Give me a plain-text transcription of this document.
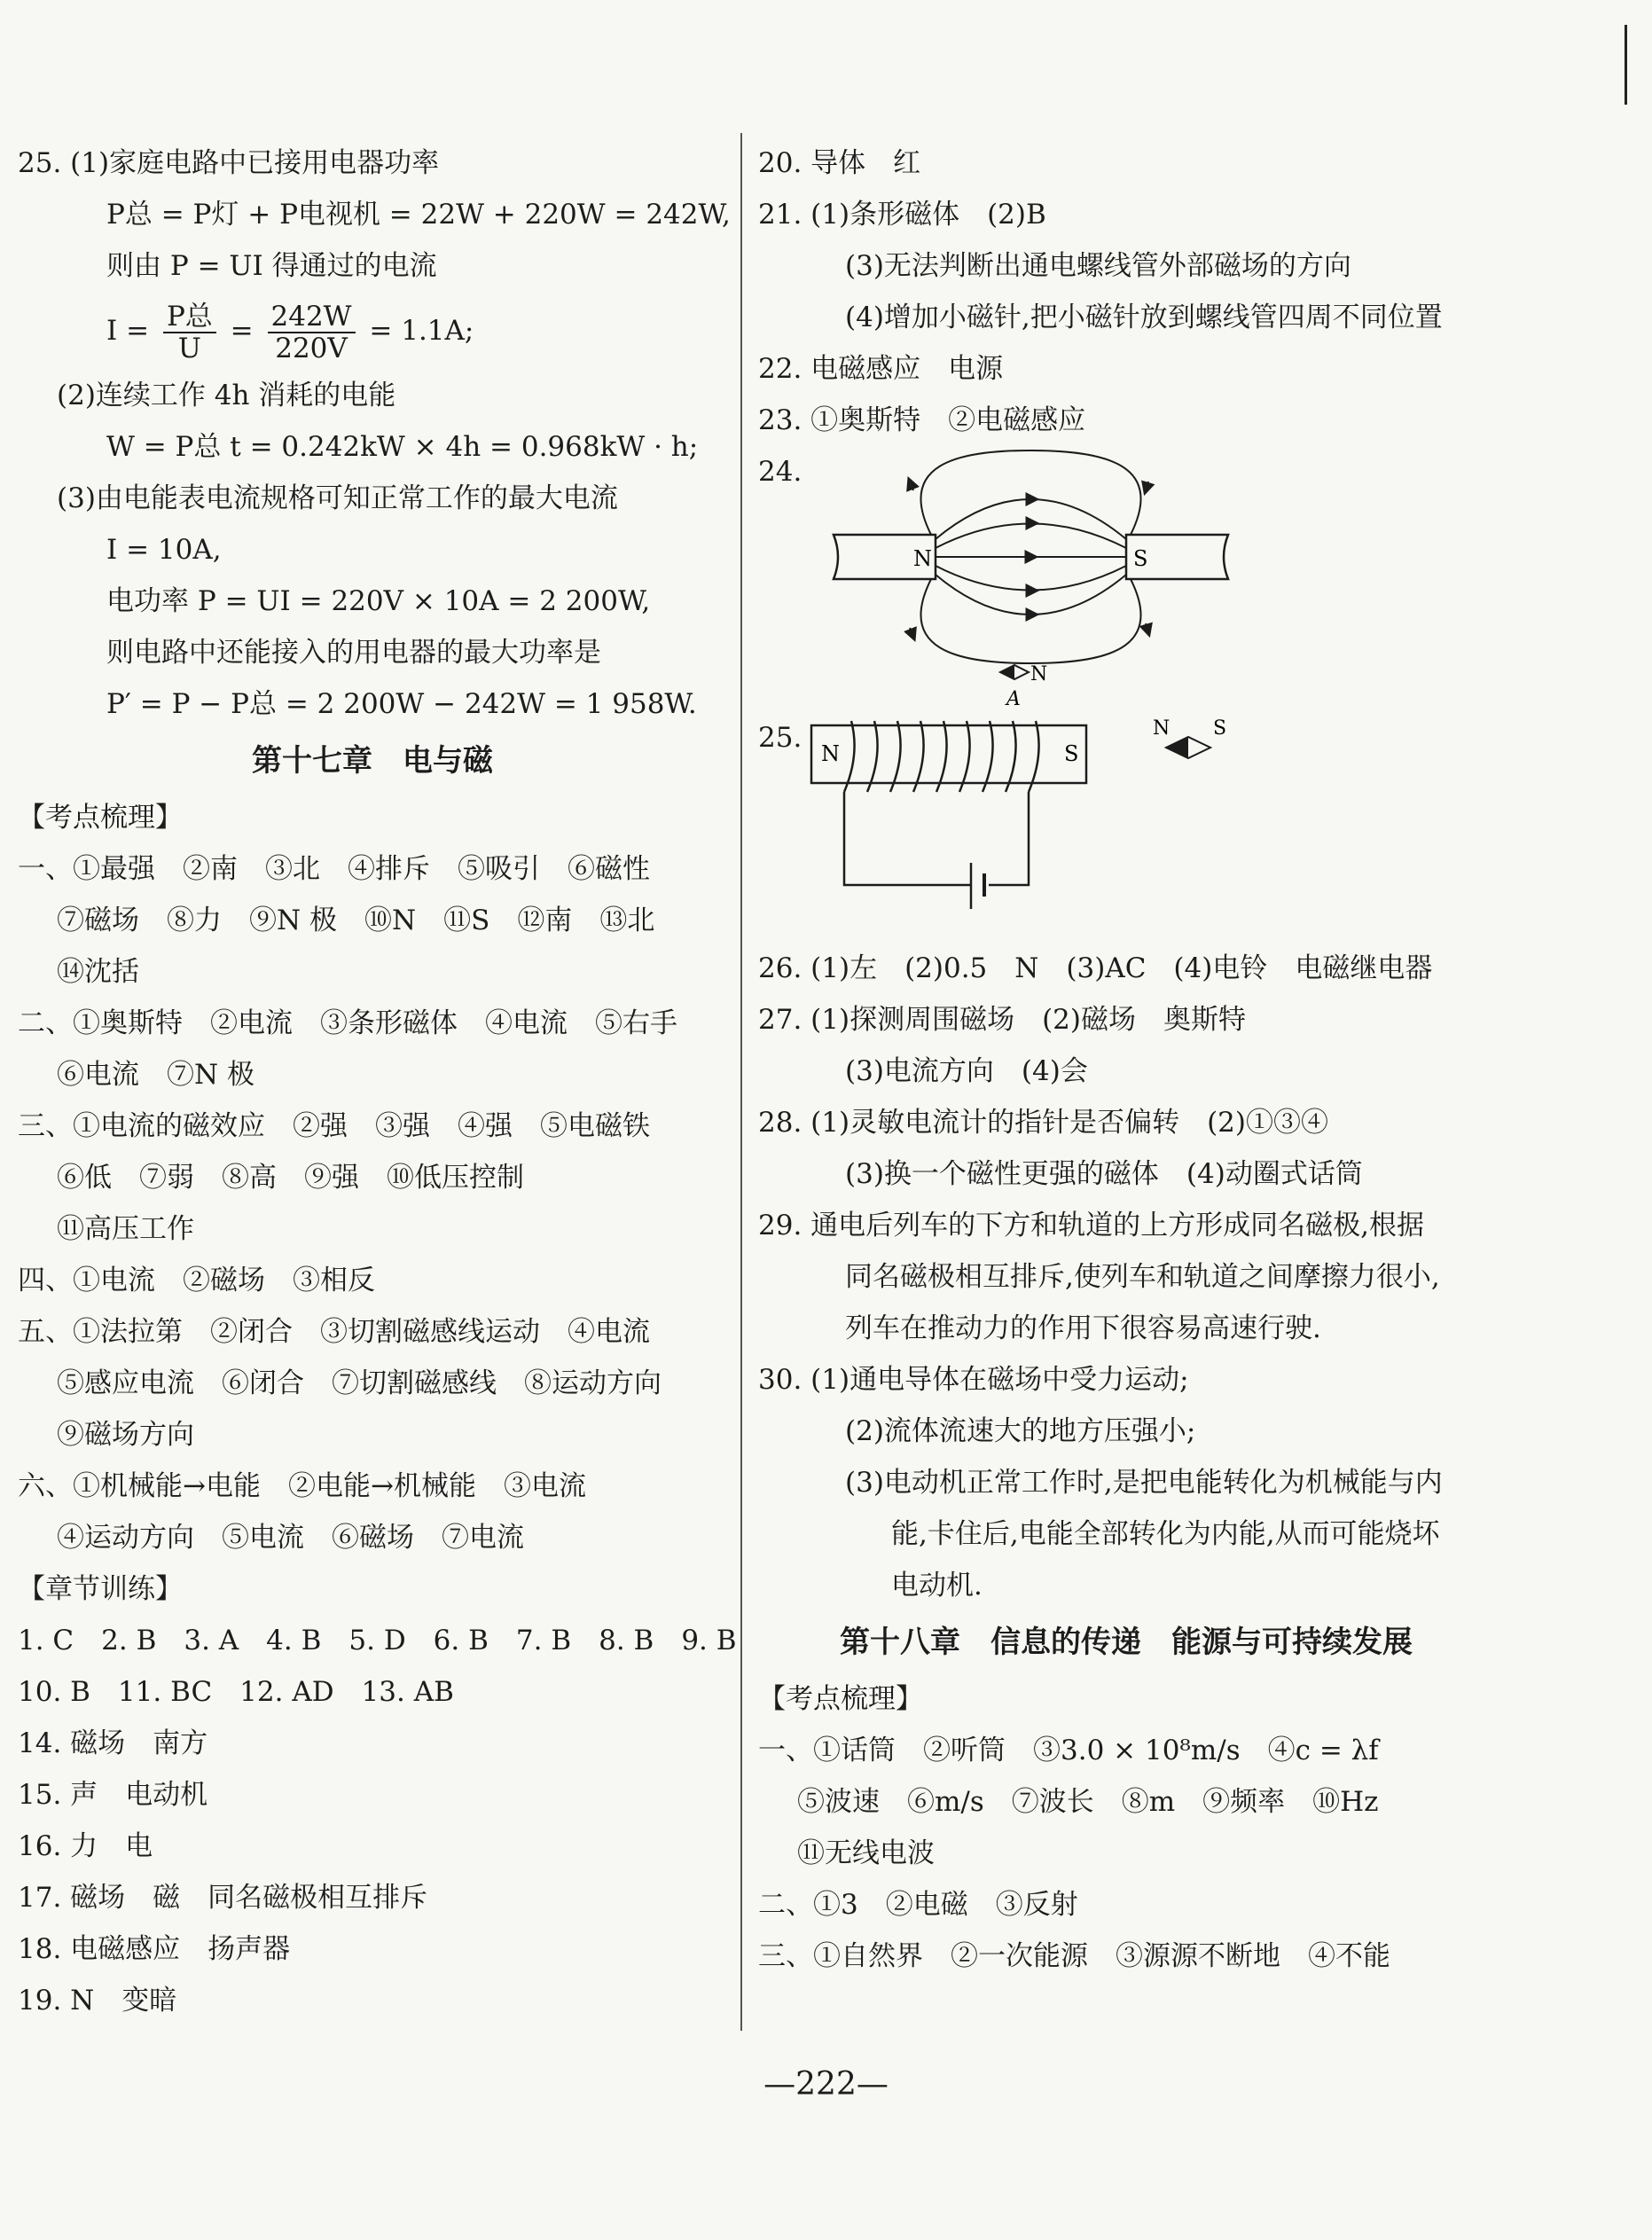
25. (1)家庭电路中已接用电器功率
P总 = P灯 + P电视机 = 22W + 220W = 242W,
则由 P = UI 得通过的电流
$I = \frac{\text{P总}}{U} = \frac{242W}{220V} = 1.1A$;
(2)连续工作 4h 消耗的电能
W = P总 t = 0.242kW × 4h = 0.968kW · h;
(3)由电能表电流规格可知正常工作的最大电流
I = 10A,
电功率 P = UI = 220V × 10A = 2 200W,
则电路中还能接入的用电器的最大功率是
P′ = P − P总 = 2 200W − 242W = 1 958W.
第十七章　电与磁
【考点梳理】
一、①最强　②南　③北　④排斥　⑤吸引　⑥磁性
⑦磁场　⑧力　⑨N 极　⑩N　⑪S　⑫南　⑬北
⑭沈括
二、①奥斯特　②电流　③条形磁体　④电流　⑤右手
⑥电流　⑦N 极
三、①电流的磁效应　②强　③强　④强　⑤电磁铁
⑥低　⑦弱　⑧高　⑨强　⑩低压控制
⑪高压工作
四、①电流　②磁场　③相反
五、①法拉第　②闭合　③切割磁感线运动　④电流
⑤感应电流　⑥闭合　⑦切割磁感线　⑧运动方向
⑨磁场方向
六、①机械能→电能　②电能→机械能　③电流
④运动方向　⑤电流　⑥磁场　⑦电流
【章节训练】
1. C　2. B　3. A　4. B　5. D　6. B　7. B　8. B　9. B
10. B　11. BC　12. AD　13. AB
14. 磁场　南方
15. 声　电动机
16. 力　电
17. 磁场　磁　同名磁极相互排斥
18. 电磁感应　扬声器
19. N　变暗
20. 导体　红
21. (1)条形磁体　(2)B
(3)无法判断出通电螺线管外部磁场的方向
(4)增加小磁针,把小磁针放到螺线管四周不同位置
22. 电磁感应　电源
23. ①奥斯特　②电磁感应
24.
N	S
N
A
25. N	S
N S
26. (1)左　(2)0.5　N　(3)AC　(4)电铃　电磁继电器
27. (1)探测周围磁场　(2)磁场　奥斯特
(3)电流方向　(4)会
28. (1)灵敏电流计的指针是否偏转　(2)①③④
(3)换一个磁性更强的磁体　(4)动圈式话筒
29. 通电后列车的下方和轨道的上方形成同名磁极,根据
同名磁极相互排斥,使列车和轨道之间摩擦力很小,
列车在推动力的作用下很容易高速行驶.
30. (1)通电导体在磁场中受力运动;
(2)流体流速大的地方压强小;
(3)电动机正常工作时,是把电能转化为机械能与内
能,卡住后,电能全部转化为内能,从而可能烧坏
电动机.
第十八章　信息的传递　能源与可持续发展
【考点梳理】
一、①话筒　②听筒　③3.0 × 10⁸m/s　④c = λf
⑤波速　⑥m/s　⑦波长　⑧m　⑨频率　⑩Hz
⑪无线电波
二、①3　②电磁　③反射
三、①自然界　②一次能源　③源源不断地　④不能
—222—
